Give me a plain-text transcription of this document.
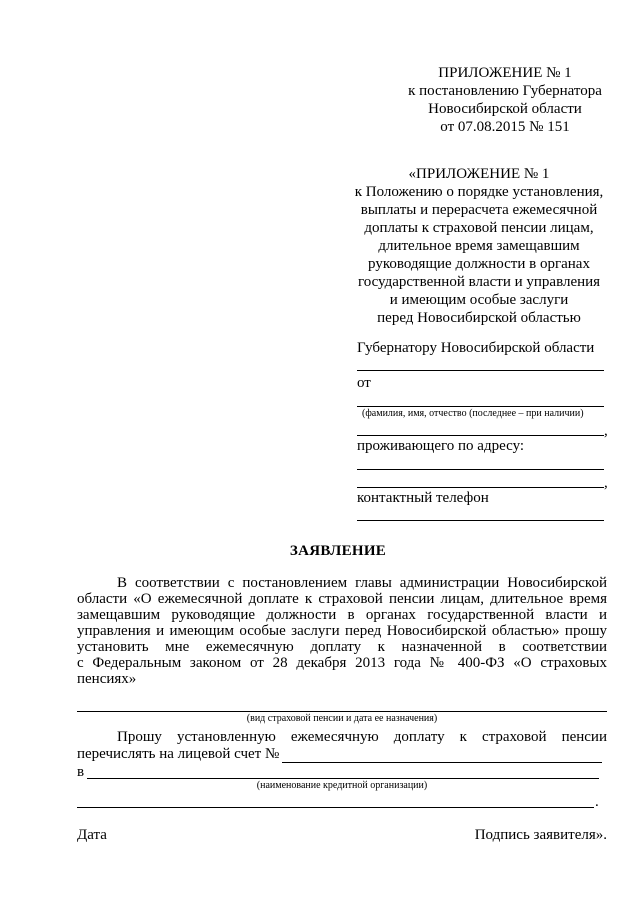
ПРИЛОЖЕНИЕ № 1
к постановлению Губернатора
Новосибирской области
от 07.08.2015 № 151
«ПРИЛОЖЕНИЕ № 1
к Положению о порядке установления,
выплаты и перерасчета ежемесячной
доплаты к страховой пенсии лицам,
длительное время замещавшим
руководящие должности в органах
государственной власти и управления
и имеющим особые заслуги
перед Новосибирской областью
Губернатору Новосибирской области
от
(фамилия, имя, отчество (последнее – при наличии)
,
проживающего по адресу:
,
контактный телефон
ЗАЯВЛЕНИЕ
В соответствии с постановлением главы администрации Новосибирской
области «О ежемесячной доплате к страховой пенсии лицам, длительное время
замещавшим руководящие должности в органах государственной власти и
управления и имеющим особые заслуги перед Новосибирской областью» прошу
установить мне ежемесячную доплату к назначенной в соответствии
с Федеральным законом от 28 декабря 2013 года № 400-ФЗ «О страховых
пенсиях»
(вид страховой пенсии и дата ее назначения)
Прошу установленную ежемесячную доплату к страховой пенсии
перечислять на лицевой счет №
в
(наименование кредитной организации)
.
Дата	Подпись заявителя».
